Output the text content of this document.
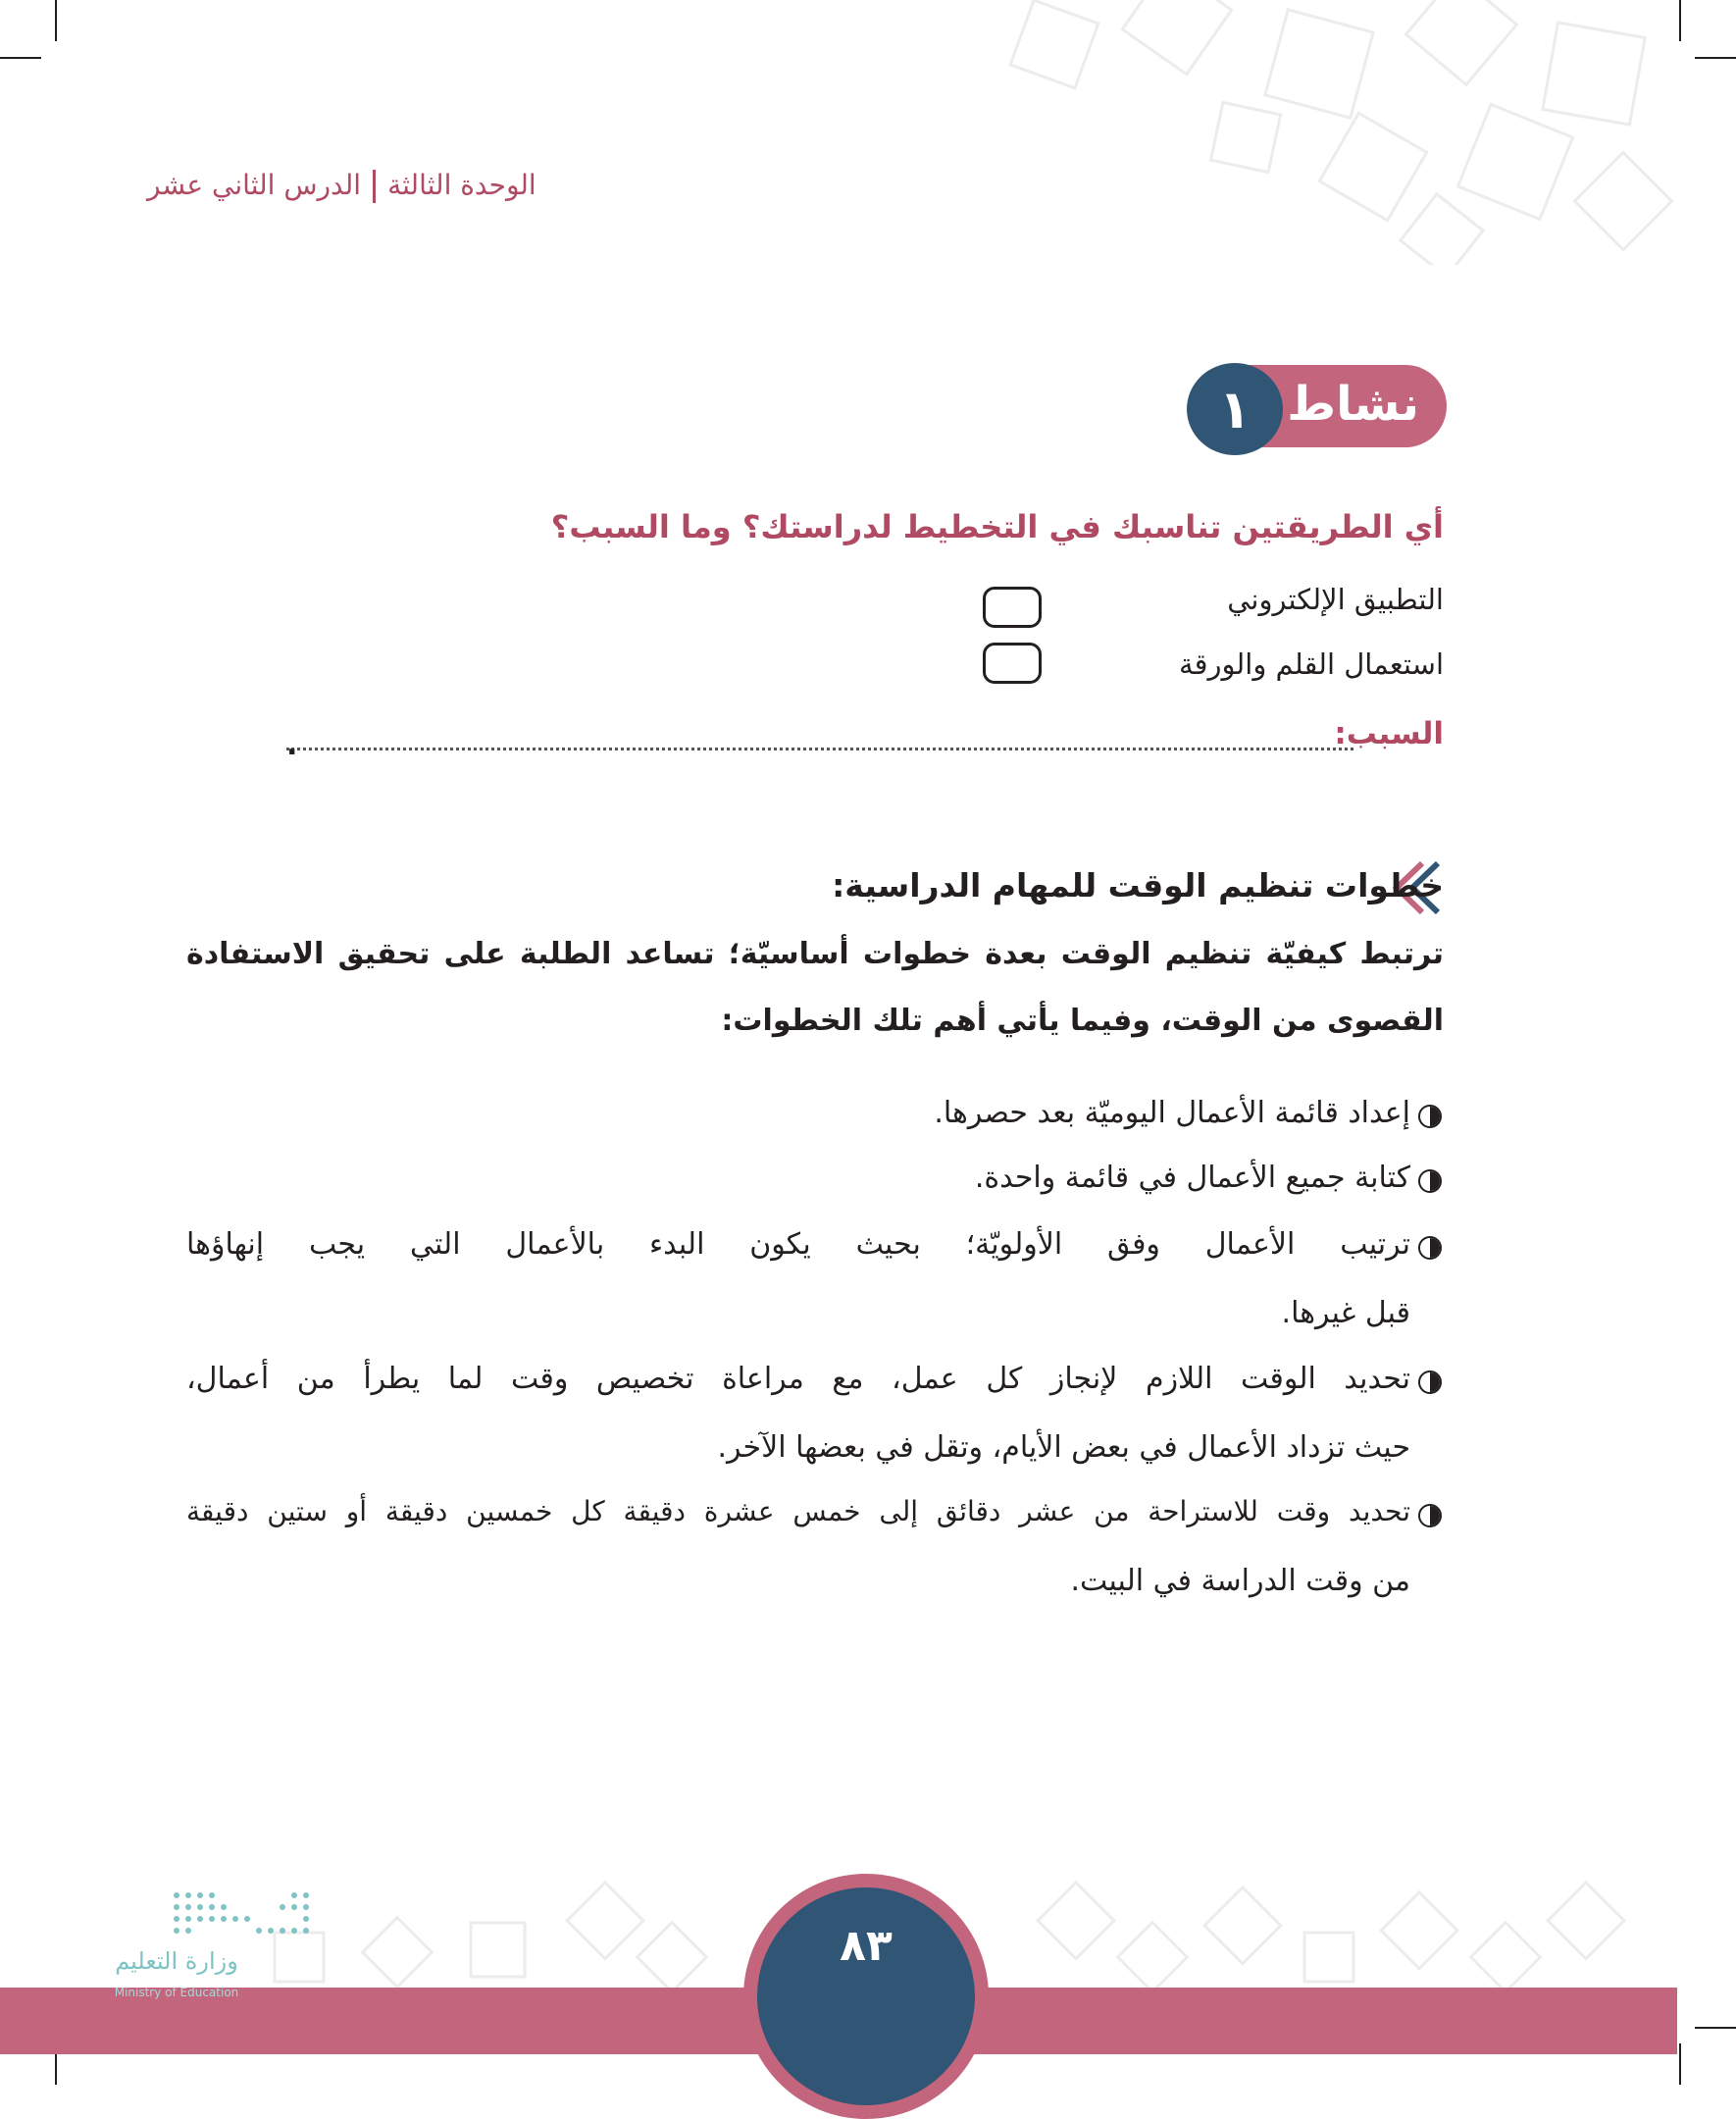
الوحدة الثالثةالدرس الثاني عشر
نشاط
١
أي الطريقتين تناسبك في التخطيط لدراستك؟ وما السبب؟
التطبيق الإلكتروني
استعمال القلم والورقة
السبب:
.
خطوات تنظيم الوقت للمهام الدراسية:
ترتبط كيفيّة تنظيم الوقت بعدة خطوات أساسيّة؛ تساعد الطلبة على تحقيق الاستفادة
القصوى من الوقت، وفيما يأتي أهم تلك الخطوات:
إعداد قائمة الأعمال اليوميّة بعد حصرها.
كتابة جميع الأعمال في قائمة واحدة.
ترتيب الأعمال وفق الأولويّة؛ بحيث يكون البدء بالأعمال التي يجب إنهاؤها
قبل غيرها.
تحديد الوقت اللازم لإنجاز كل عمل، مع مراعاة تخصيص وقت لما يطرأ من أعمال،
حيث تزداد الأعمال في بعض الأيام، وتقل في بعضها الآخر.
تحديد وقت للاستراحة من عشر دقائق إلى خمس عشرة دقيقة كل خمسين دقيقة أو ستين دقيقة
من وقت الدراسة في البيت.
٨٣
وزارة التعليم
Ministry of Education
